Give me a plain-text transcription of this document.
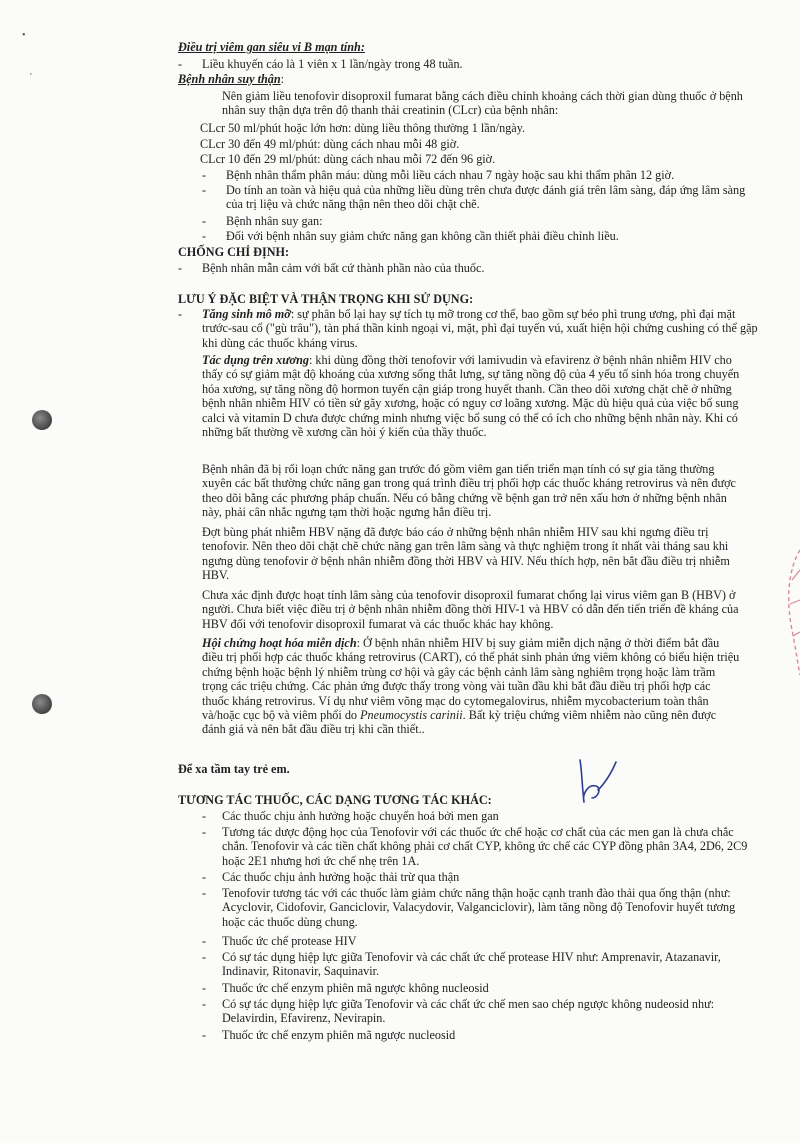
•
'

Điều trị viêm gan siêu vi B mạn tính:

- Liều khuyến cáo là 1 viên x 1 lần/ngày trong 48 tuần.

Bệnh nhân suy thận:

Nên giảm liều tenofovir disoproxil fumarat bằng cách điều chỉnh khoảng cách thời gian dùng thuốc ở bệnh nhân suy thận dựa trên độ thanh thải creatinin (CLcr) của bệnh nhân:

CLcr 50 ml/phút hoặc lớn hơn: dùng liều thông thường 1 lần/ngày.

CLcr 30 đến 49 ml/phút: dùng cách nhau mỗi 48 giờ.

CLcr 10 đến 29 ml/phút: dùng cách nhau mỗi 72 đến 96 giờ.

- Bệnh nhân thẩm phân máu: dùng mỗi liều cách nhau 7 ngày hoặc sau khi thẩm phân 12 giờ.

- Do tính an toàn và hiệu quả của những liều dùng trên chưa được đánh giá trên lâm sàng, đáp ứng lâm sàng của trị liệu và chức năng thận nên theo dõi chặt chẽ.

- Bệnh nhân suy gan:

- Đối với bệnh nhân suy giảm chức năng gan không cần thiết phải điều chỉnh liều.

CHỐNG CHỈ ĐỊNH:

- Bệnh nhân mẫn cảm với bất cứ thành phần nào của thuốc.

LƯU Ý ĐẶC BIỆT VÀ THẬN TRỌNG KHI SỬ DỤNG:

- Tăng sinh mô mỡ: sự phân bố lại hay sự tích tụ mỡ trong cơ thể, bao gồm sự béo phì trung ương, phì đại mặt trước-sau cổ ("gù trâu"), tàn phá thần kinh ngoại vi, mặt, phì đại tuyến vú, xuất hiện hội chứng cushing có thể gặp khi dùng các thuốc kháng virus.

Tác dụng trên xương: khi dùng đồng thời tenofovir với lamivudin và efavirenz ở bệnh nhân nhiễm HIV cho thấy có sự giảm mật độ khoáng của xương sống thắt lưng, sự tăng nồng độ của 4 yếu tố sinh hóa trong chuyển hóa xương, sự tăng nồng độ hormon tuyến cận giáp trong huyết thanh. Cần theo dõi xương chặt chẽ ở những bệnh nhân nhiễm HIV có tiền sử gãy xương, hoặc có nguy cơ loãng xương. Mặc dù hiệu quả của việc bổ sung calci và vitamin D chưa được chứng minh nhưng việc bổ sung có thể có ích cho những bệnh nhân này. Khi có những bất thường về xương cần hỏi ý kiến của thầy thuốc.

Bệnh nhân đã bị rối loạn chức năng gan trước đó gồm viêm gan tiến triển mạn tính có sự gia tăng thường xuyên các bất thường chức năng gan trong quá trình điều trị phối hợp các thuốc kháng retrovirus và nên được theo dõi bằng các phương pháp chuẩn. Nếu có bằng chứng về bệnh gan trở nên xấu hơn ở những bệnh nhân này, phải cân nhắc ngưng tạm thời hoặc ngưng hẳn điều trị.

Đợt bùng phát nhiễm HBV nặng đã được báo cáo ở những bệnh nhân nhiễm HIV sau khi ngưng điều trị tenofovir. Nên theo dõi chặt chẽ chức năng gan trên lâm sàng và thực nghiệm trong ít nhất vài tháng sau khi ngưng dùng tenofovir ở bệnh nhân nhiễm đồng thời HBV và HIV. Nếu thích hợp, nên bắt đầu điều trị nhiễm HBV.

Chưa xác định được hoạt tính lâm sàng của tenofovir disoproxil fumarat chống lại virus viêm gan B (HBV) ở người. Chưa biết việc điều trị ở bệnh nhân nhiễm đồng thời HIV-1 và HBV có dẫn đến tiến triển đề kháng của HBV đối với tenofovir disoproxil fumarat và các thuốc khác hay không.

Hội chứng hoạt hóa miễn dịch: Ở bệnh nhân nhiễm HIV bị suy giảm miễn dịch nặng ở thời điểm bắt đầu điều trị phối hợp các thuốc kháng retrovirus (CART), có thể phát sinh phản ứng viêm không có biểu hiện triệu chứng bệnh hoặc bệnh lý nhiễm trùng cơ hội và gây các bệnh cảnh lâm sàng nghiêm trọng hoặc làm trầm trọng các triệu chứng. Các phản ứng được thấy trong vòng vài tuần đầu khi bắt đầu điều trị phối hợp các thuốc kháng retrovirus. Ví dụ như viêm võng mạc do cytomegalovirus, nhiễm mycobacterium toàn thân và/hoặc cục bộ và viêm phổi do Pneumocystis carinii. Bất kỳ triệu chứng viêm nhiễm nào cũng nên được đánh giá và nên bắt đầu điều trị khi cần thiết..

Để xa tầm tay trẻ em.

TƯƠNG TÁC THUỐC, CÁC DẠNG TƯƠNG TÁC KHÁC:

- Các thuốc chịu ảnh hưởng hoặc chuyển hoá bởi men gan

- Tương tác dược động học của Tenofovir với các thuốc ức chế hoặc cơ chất của các men gan là chưa chắc chắn. Tenofovir và các tiền chất không phải cơ chất CYP, không ức chế các CYP đồng phân 3A4, 2D6, 2C9 hoặc 2E1 nhưng hơi ức chế nhẹ trên 1A.

- Các thuốc chịu ảnh hưởng hoặc thải trừ qua thận

- Tenofovir tương tác với các thuốc làm giảm chức năng thận hoặc cạnh tranh đào thải qua ống thận (như: Acyclovir, Cidofovir, Ganciclovir, Valacydovir, Valganciclovir), làm tăng nồng độ Tenofovir huyết tương hoặc các thuốc dùng chung.

- Thuốc ức chế protease HIV

- Có sự tác dụng hiệp lực giữa Tenofovir và các chất ức chế protease HIV như: Amprenavir, Atazanavir, Indinavir, Ritonavir, Saquinavir.

- Thuốc ức chế enzym phiên mã ngược không nucleosid

- Có sự tác dụng hiệp lực giữa Tenofovir và các chất ức chế men sao chép ngược không nudeosid như: Delavirdin, Efavirenz, Nevirapin.

- Thuốc ức chế enzym phiên mã ngược nucleosid
